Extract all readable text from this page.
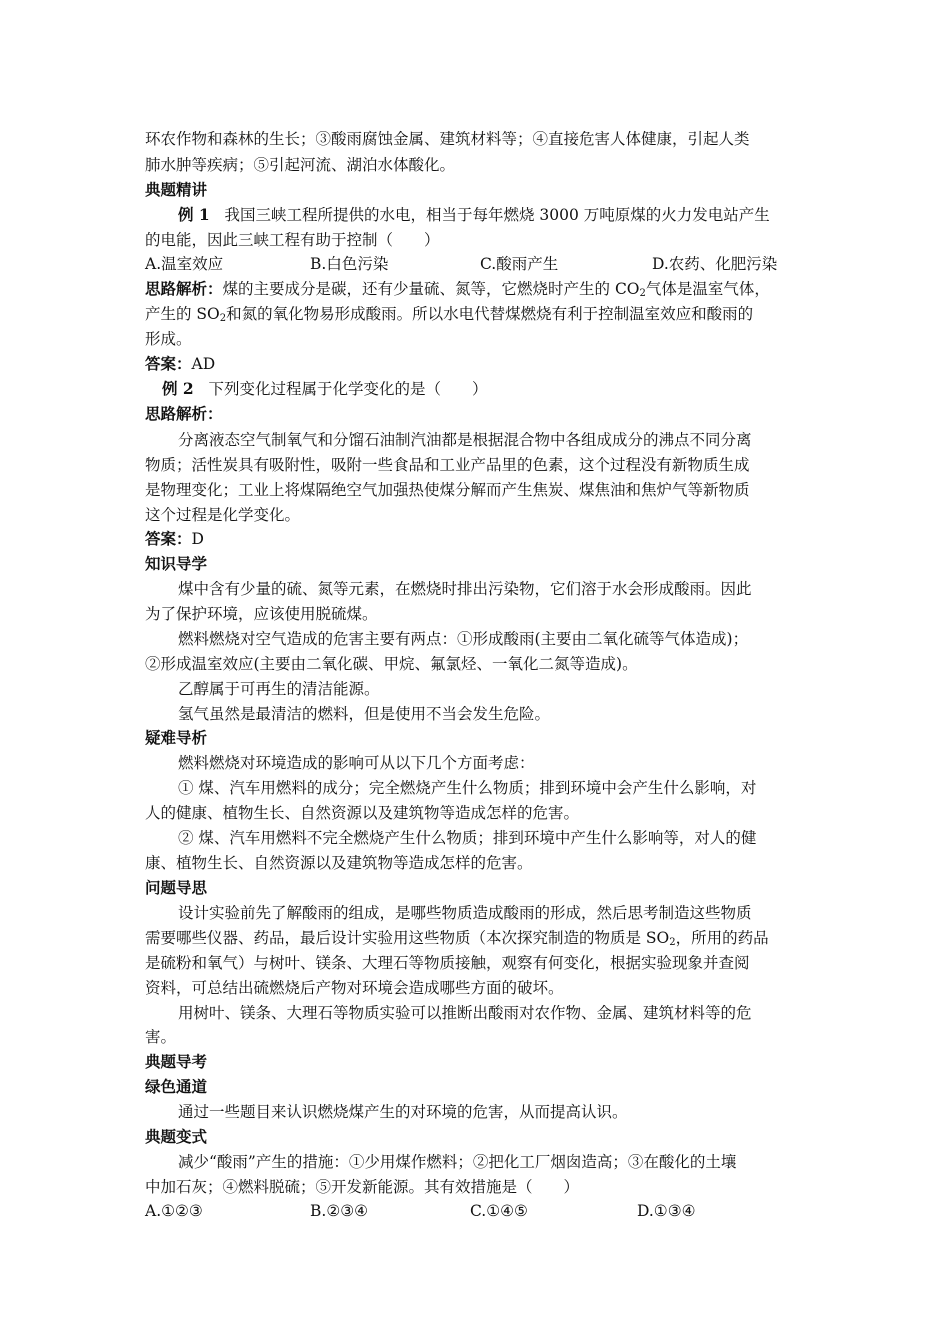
环农作物和森林的生长；③酸雨腐蚀金属、建筑材料等；④直接危害人体健康，引起人类
肺水肿等疾病；⑤引起河流、湖泊水体酸化。
典题精讲
例 1 我国三峡工程所提供的水电，相当于每年燃烧 3000 万吨原煤的火力发电站产生
的电能，因此三峡工程有助于控制（　　）
A.温室效应	B.白色污染	C.酸雨产生	D.农药、化肥污染
思路解析：煤的主要成分是碳，还有少量硫、氮等，它燃烧时产生的 $CO_2$气体是温室气体，
产生的 $SO_2$和氮的氧化物易形成酸雨。所以水电代替煤燃烧有利于控制温室效应和酸雨的
形成。
答案：AD
例 2 下列变化过程属于化学变化的是（　　）
思路解析：
分离液态空气制氧气和分馏石油制汽油都是根据混合物中各组成成分的沸点不同分离
物质；活性炭具有吸附性，吸附一些食品和工业产品里的色素，这个过程没有新物质生成
是物理变化；工业上将煤隔绝空气加强热使煤分解而产生焦炭、煤焦油和焦炉气等新物质
这个过程是化学变化。
答案：D
知识导学
煤中含有少量的硫、氮等元素，在燃烧时排出污染物，它们溶于水会形成酸雨。因此
为了保护环境，应该使用脱硫煤。
燃料燃烧对空气造成的危害主要有两点：①形成酸雨(主要由二氧化硫等气体造成)；
②形成温室效应(主要由二氧化碳、甲烷、氟氯烃、一氧化二氮等造成)。
乙醇属于可再生的清洁能源。
氢气虽然是最清洁的燃料，但是使用不当会发生危险。
疑难导析
燃料燃烧对环境造成的影响可从以下几个方面考虑：
① 煤、汽车用燃料的成分；完全燃烧产生什么物质；排到环境中会产生什么影响，对
人的健康、植物生长、自然资源以及建筑物等造成怎样的危害。
② 煤、汽车用燃料不完全燃烧产生什么物质；排到环境中产生什么影响等，对人的健
康、植物生长、自然资源以及建筑物等造成怎样的危害。
问题导思
设计实验前先了解酸雨的组成，是哪些物质造成酸雨的形成，然后思考制造这些物质
需要哪些仪器、药品，最后设计实验用这些物质（本次探究制造的物质是 $SO_2$，所用的药品
是硫粉和氧气）与树叶、镁条、大理石等物质接触，观察有何变化，根据实验现象并查阅
资料，可总结出硫燃烧后产物对环境会造成哪些方面的破坏。
用树叶、镁条、大理石等物质实验可以推断出酸雨对农作物、金属、建筑材料等的危
害。
典题导考
绿色通道
通过一些题目来认识燃烧煤产生的对环境的危害，从而提高认识。
典题变式
减少“酸雨”产生的措施：①少用煤作燃料；②把化工厂烟囱造高；③在酸化的土壤
中加石灰；④燃料脱硫；⑤开发新能源。其有效措施是（　　）
A.①②③	B.②③④	C.①④⑤	D.①③④
